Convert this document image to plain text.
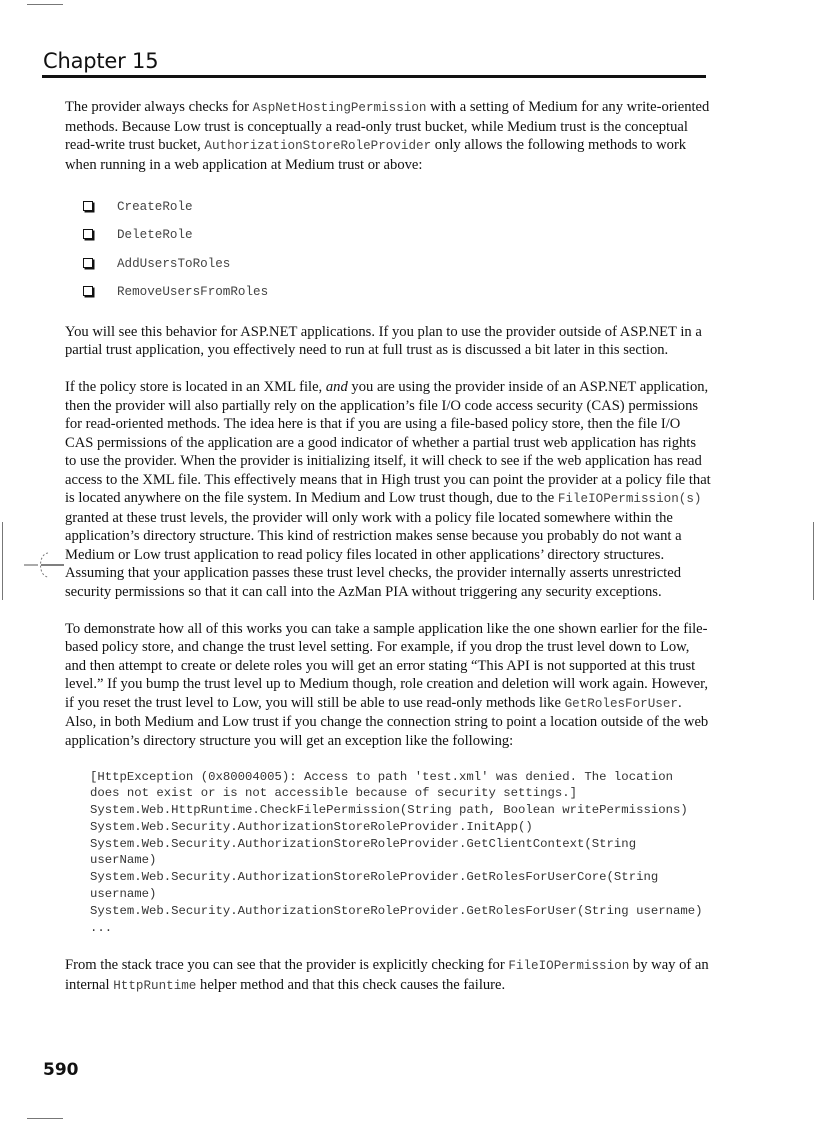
Chapter 15

The provider always checks for AspNetHostingPermission with a setting of Medium for any write-oriented methods. Because Low trust is conceptually a read-only trust bucket, while Medium trust is the conceptual read-write trust bucket, AuthorizationStoreRoleProvider only allows the following methods to work when running in a web application at Medium trust or above:

CreateRole
DeleteRole
AddUsersToRoles
RemoveUsersFromRoles

You will see this behavior for ASP.NET applications. If you plan to use the provider outside of ASP.NET in a partial trust application, you effectively need to run at full trust as is discussed a bit later in this section.

If the policy store is located in an XML file, and you are using the provider inside of an ASP.NET application, then the provider will also partially rely on the application’s file I/O code access security (CAS) permissions for read-oriented methods. The idea here is that if you are using a file-based policy store, then the file I/O CAS permissions of the application are a good indicator of whether a partial trust web application has rights to use the provider. When the provider is initializing itself, it will check to see if the web application has read access to the XML file. This effectively means that in High trust you can point the provider at a policy file that is located anywhere on the file system. In Medium and Low trust though, due to the FileIOPermission(s) granted at these trust levels, the provider will only work with a policy file located somewhere within the application’s directory structure. This kind of restriction makes sense because you probably do not want a Medium or Low trust application to read policy files located in other applications’ directory structures. Assuming that your application passes these trust level checks, the provider internally asserts unrestricted security permissions so that it can call into the AzMan PIA without triggering any security exceptions.

To demonstrate how all of this works you can take a sample application like the one shown earlier for the file-based policy store, and change the trust level setting. For example, if you drop the trust level down to Low, and then attempt to create or delete roles you will get an error stating “This API is not supported at this trust level.” If you bump the trust level up to Medium though, role creation and deletion will work again. However, if you reset the trust level to Low, you will still be able to use read-only methods like GetRolesForUser. Also, in both Medium and Low trust if you change the connection string to point a location outside of the web application’s directory structure you will get an exception like the following:

[HttpException (0x80004005): Access to path 'test.xml' was denied. The location
does not exist or is not accessible because of security settings.]
System.Web.HttpRuntime.CheckFilePermission(String path, Boolean writePermissions)
System.Web.Security.AuthorizationStoreRoleProvider.InitApp()
System.Web.Security.AuthorizationStoreRoleProvider.GetClientContext(String
userName)
System.Web.Security.AuthorizationStoreRoleProvider.GetRolesForUserCore(String
username)
System.Web.Security.AuthorizationStoreRoleProvider.GetRolesForUser(String username)
...

From the stack trace you can see that the provider is explicitly checking for FileIOPermission by way of an internal HttpRuntime helper method and that this check causes the failure.

590
